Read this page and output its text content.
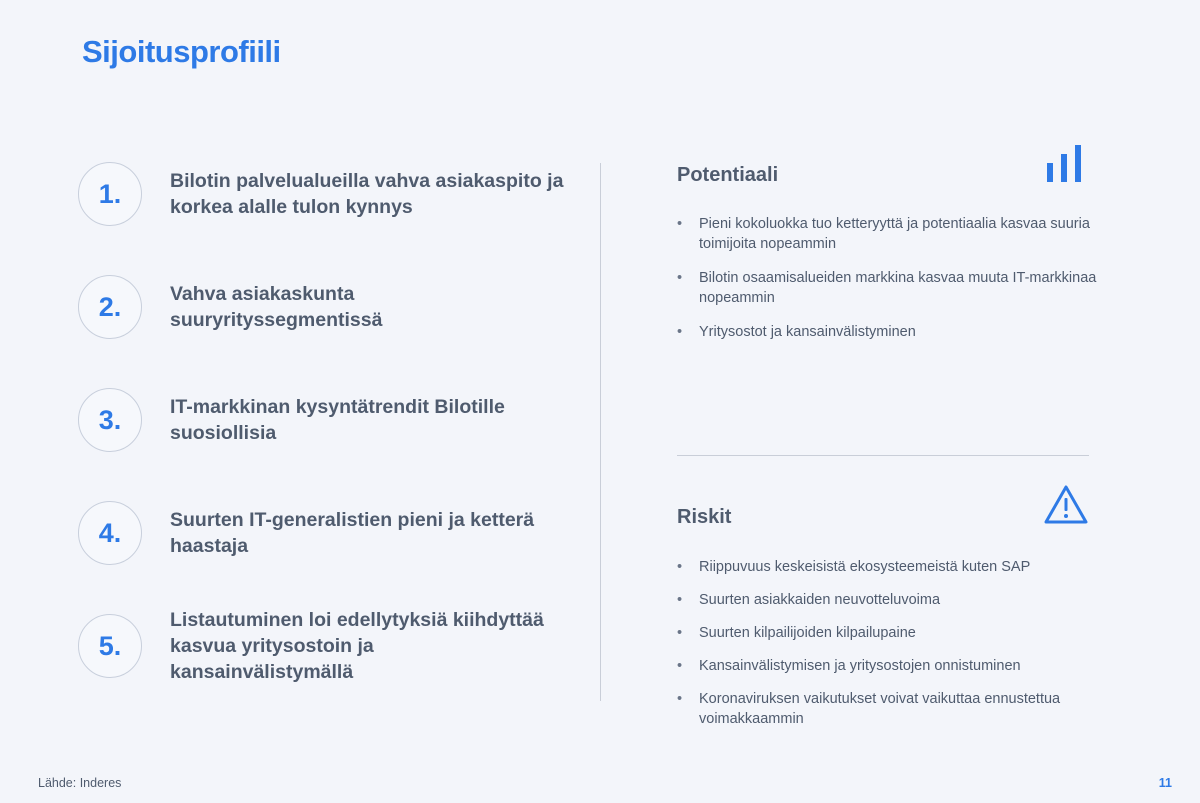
Sijoitusprofiili
1.	Bilotin palvelualueilla vahva asiakaspito ja korkea alalle tulon kynnys
2.	Vahva asiakaskunta suuryrityssegmentissä
3.	IT-markkinan kysyntätrendit Bilotille suosiollisia
4.	Suurten IT-generalistien pieni ja ketterä haastaja
5.
Listautuminen loi edellytyksiä kiihdyttää kasvua yritysostoin ja kansainvälistymällä
Potentiaali
• Pieni kokoluokka tuo ketteryyttä ja potentiaalia kasvaa suuria toimijoita nopeammin
• Bilotin osaamisalueiden markkina kasvaa muuta IT-markkinaa nopeammin
• Yritysostot ja kansainvälistyminen
Riskit
• Riippuvuus keskeisistä ekosysteemeistä kuten SAP
• Suurten asiakkaiden neuvotteluvoima
• Suurten kilpailijoiden kilpailupaine
• Kansainvälistymisen ja yritysostojen onnistuminen
• Koronaviruksen vaikutukset voivat vaikuttaa ennustettua voimakkaammin
Lähde: Inderes	11
